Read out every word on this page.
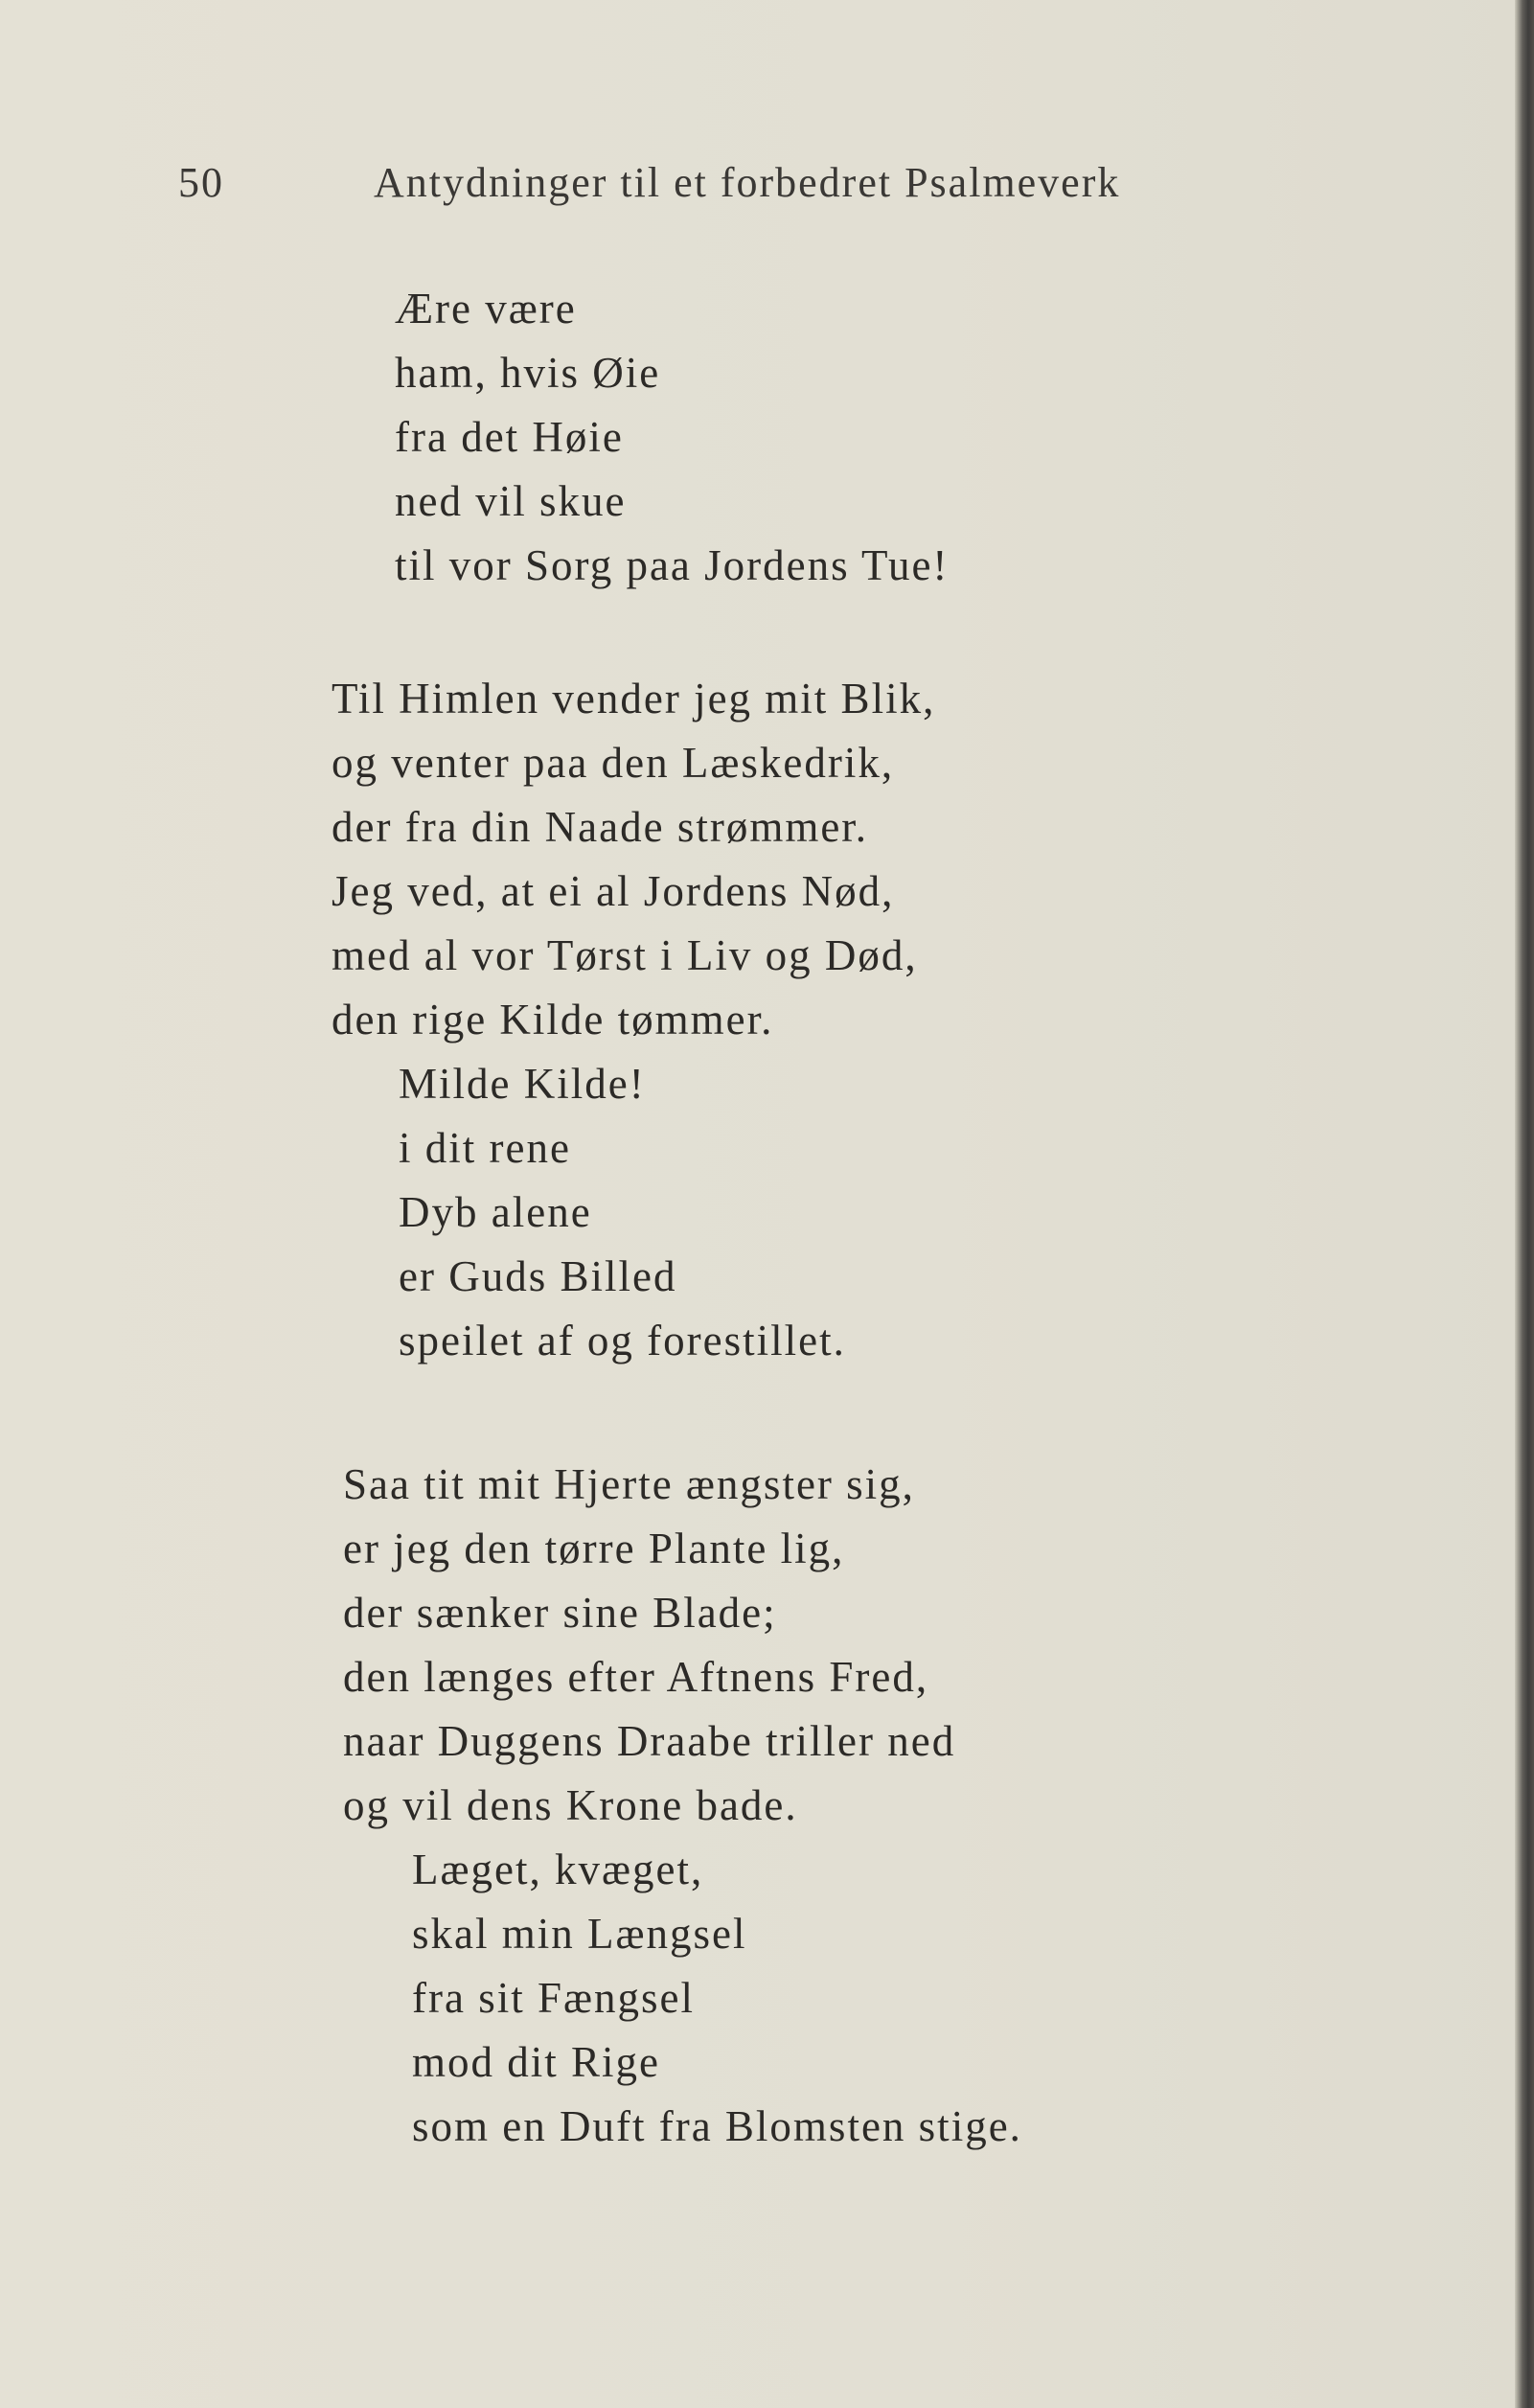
50	Antydninger til et forbedret Psalmeverk
Ære være
ham, hvis Øie
fra det Høie
ned vil skue
til vor Sorg paa Jordens Tue!
Til Himlen vender jeg mit Blik,
og venter paa den Læskedrik,
der fra din Naade strømmer.
Jeg ved, at ei al Jordens Nød,
med al vor Tørst i Liv og Død,
den rige Kilde tømmer.
Milde Kilde!
i dit rene
Dyb alene
er Guds Billed
speilet af og forestillet.
Saa tit mit Hjerte ængster sig,
er jeg den tørre Plante lig,
der sænker sine Blade;
den længes efter Aftnens Fred,
naar Duggens Draabe triller ned
og vil dens Krone bade.
Læget, kvæget,
skal min Længsel
fra sit Fængsel
mod dit Rige
som en Duft fra Blomsten stige.
